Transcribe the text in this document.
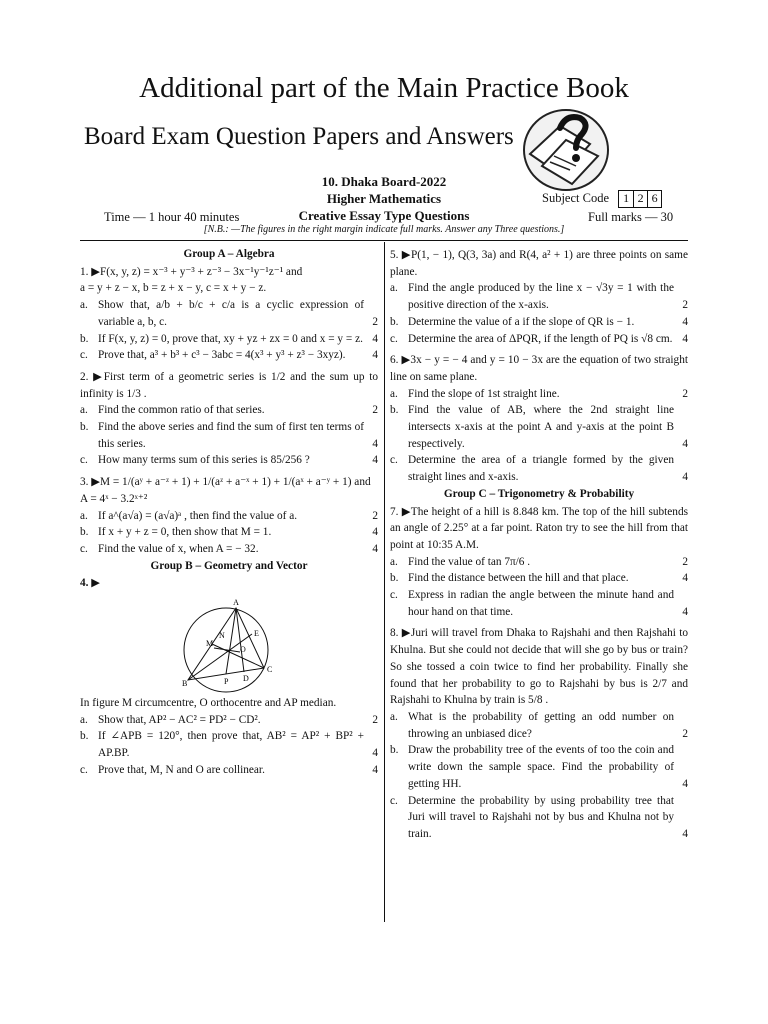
Additional part of the Main Practice Book
Board Exam Question Papers and Answers
10. Dhaka Board-2022
Higher Mathematics
Creative Essay Type Questions
Time — 1 hour 40 minutes
Subject Code	1 2 6
Full marks — 30
[N.B.: —The figures in the right margin indicate full marks. Answer any Three questions.]
Group A – Algebra
1. ▶F(x, y, z) = x⁻³ + y⁻³ + z⁻³ − 3x⁻¹y⁻¹z⁻¹ and
a = y + z − x, b = z + x − y, c = x + y − z.
a. Show that, a/b + b/c + c/a is a cyclic expression of variable a, b, c.	2
b. If F(x, y, z) = 0, prove that, xy + yz + zx = 0 and x = y = z. 4
c. Prove that, a³ + b³ + c³ − 3abc = 4(x³ + y³ + z³ − 3xyz). 4
2. ▶First term of a geometric series is 1/2 and the sum up to infinity is 1/3 .
a. Find the common ratio of that series.	2
b. Find the above series and find the sum of first ten terms of this series.	4
c. How many terms sum of this series is 85/256 ?	4
3. ▶M = 1/(aʸ + a⁻ᶻ + 1) + 1/(aᶻ + a⁻ˣ + 1) + 1/(aˣ + a⁻ʸ + 1) and
A = 4ˣ − 3.2ˣ⁺²
a. If a^(a√a) = (a√a)ᵃ , then find the value of a.	2
b. If x + y + z = 0, then show that M = 1.	4
c. Find the value of x, when A = − 32.	4
Group B – Geometry and Vector
4. ▶
A
B
C
D
E
M
N
O
P
In figure M circumcentre, O orthocentre and AP median.
a. Show that, AP² − AC² = PD² − CD².	2
b. If ∠APB = 120°, then prove that, AB² = AP² + BP² + AP.BP.	4
c. Prove that, M, N and O are collinear.	4
5. ▶P(1, − 1), Q(3, 3a) and R(4, a² + 1) are three points on same plane.
a. Find the angle produced by the line x − √3y = 1 with the positive direction of the x-axis.	2
b. Determine the value of a if the slope of QR is − 1.	4
c. Determine the area of ΔPQR, if the length of PQ is √8 cm. 4
6. ▶3x − y = − 4 and y = 10 − 3x are the equation of two straight line on same plane.
a. Find the slope of 1st straight line.	2
b. Find the value of AB, where the 2nd straight line intersects x-axis at the point A and y-axis at the point B respectively.	4
c. Determine the area of a triangle formed by the given straight lines and x-axis.	4
Group C – Trigonometry & Probability
7. ▶The height of a hill is 8.848 km. The top of the hill subtends an angle of 2.25° at a far point. Raton try to see the hill from that point at 10:35 A.M.
a. Find the value of tan 7π/6 .	2
b. Find the distance between the hill and that place.	4
c. Express in radian the angle between the minute hand and hour hand on that time.	4
8. ▶Juri will travel from Dhaka to Rajshahi and then Rajshahi to Khulna. But she could not decide that will she go by bus or train? So she tossed a coin twice to find her probability. Finally she found that her probability to go to Rajshahi by bus is 2/7 and Rajshahi to Khulna by train is 5/8 .
a. What is the probability of getting an odd number on throwing an unbiased dice?	2
b. Draw the probability tree of the events of too the coin and write down the sample space. Find the probability of getting HH.	4
c. Determine the probability by using probability tree that Juri will travel to Rajshahi not by bus and Khulna not by train.	4
